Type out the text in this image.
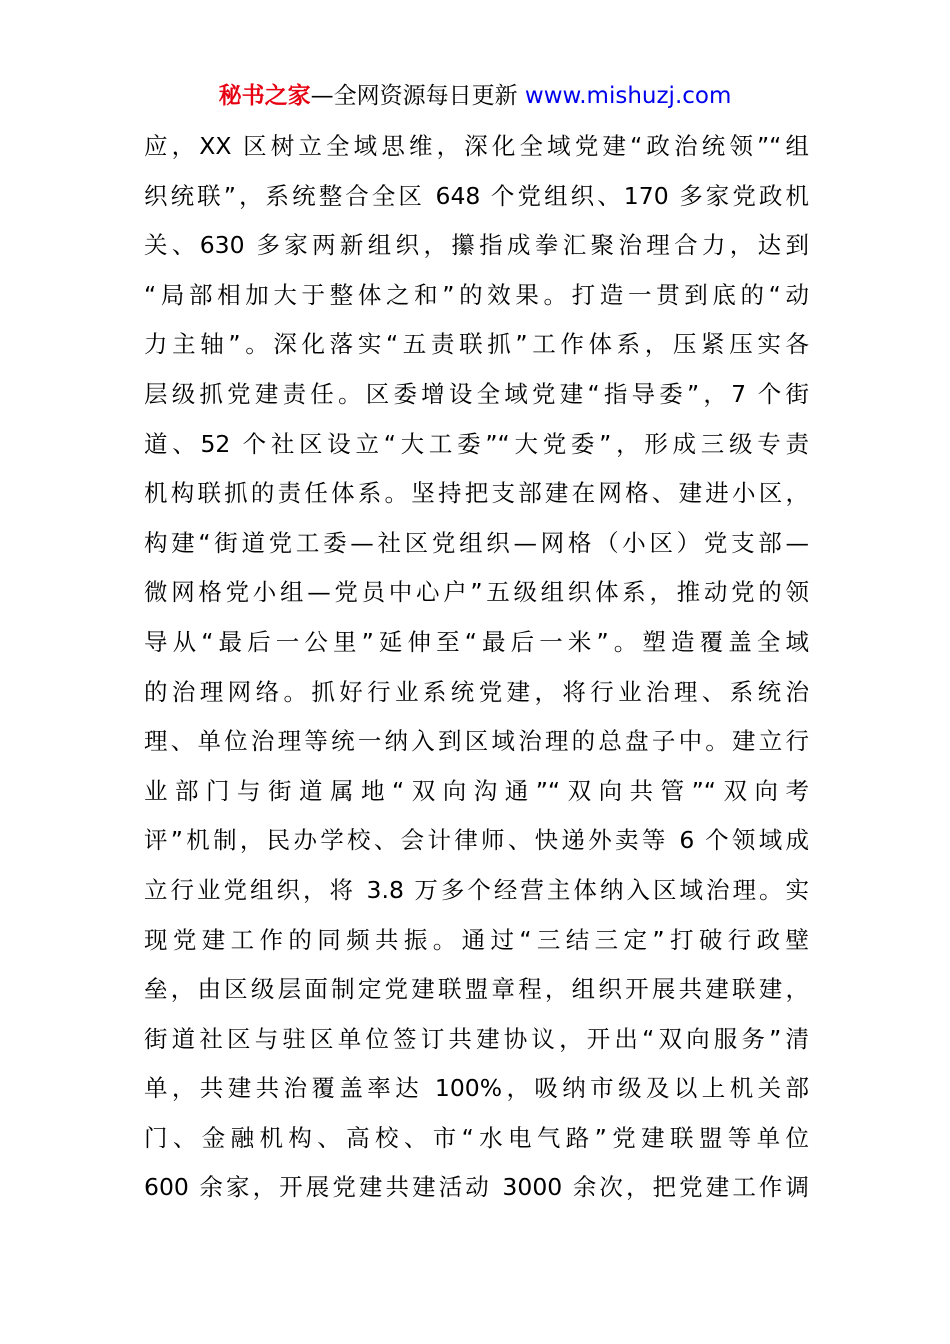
秘书之家—全网资源每日更新 www.mishuzj.com
应，XX 区树立全域思维，深化全域党建“政治统领”“组
织统联”，系统整合全区 648 个党组织、170 多家党政机
关、630 多家两新组织，攥指成拳汇聚治理合力，达到
“局部相加大于整体之和”的效果。打造一贯到底的“动
力主轴”。深化落实“五责联抓”工作体系，压紧压实各
层级抓党建责任。区委增设全域党建“指导委”，7 个街
道、52 个社区设立“大工委”“大党委”，形成三级专责
机构联抓的责任体系。坚持把支部建在网格、建进小区，
构建“街道党工委—社区党组织—网格（小区）党支部—
微网格党小组—党员中心户”五级组织体系，推动党的领
导从“最后一公里”延伸至“最后一米”。塑造覆盖全域
的治理网络。抓好行业系统党建，将行业治理、系统治
理、单位治理等统一纳入到区域治理的总盘子中。建立行
业部门与街道属地“双向沟通”“双向共管”“双向考
评”机制，民办学校、会计律师、快递外卖等 6 个领域成
立行业党组织，将 3.8 万多个经营主体纳入区域治理。实
现党建工作的同频共振。通过“三结三定”打破行政壁
垒，由区级层面制定党建联盟章程，组织开展共建联建，
街道社区与驻区单位签订共建协议，开出“双向服务”清
单，共建共治覆盖率达 100%，吸纳市级及以上机关部
门、金融机构、高校、市“水电气路”党建联盟等单位
600 余家，开展党建共建活动 3000 余次，把党建工作调
